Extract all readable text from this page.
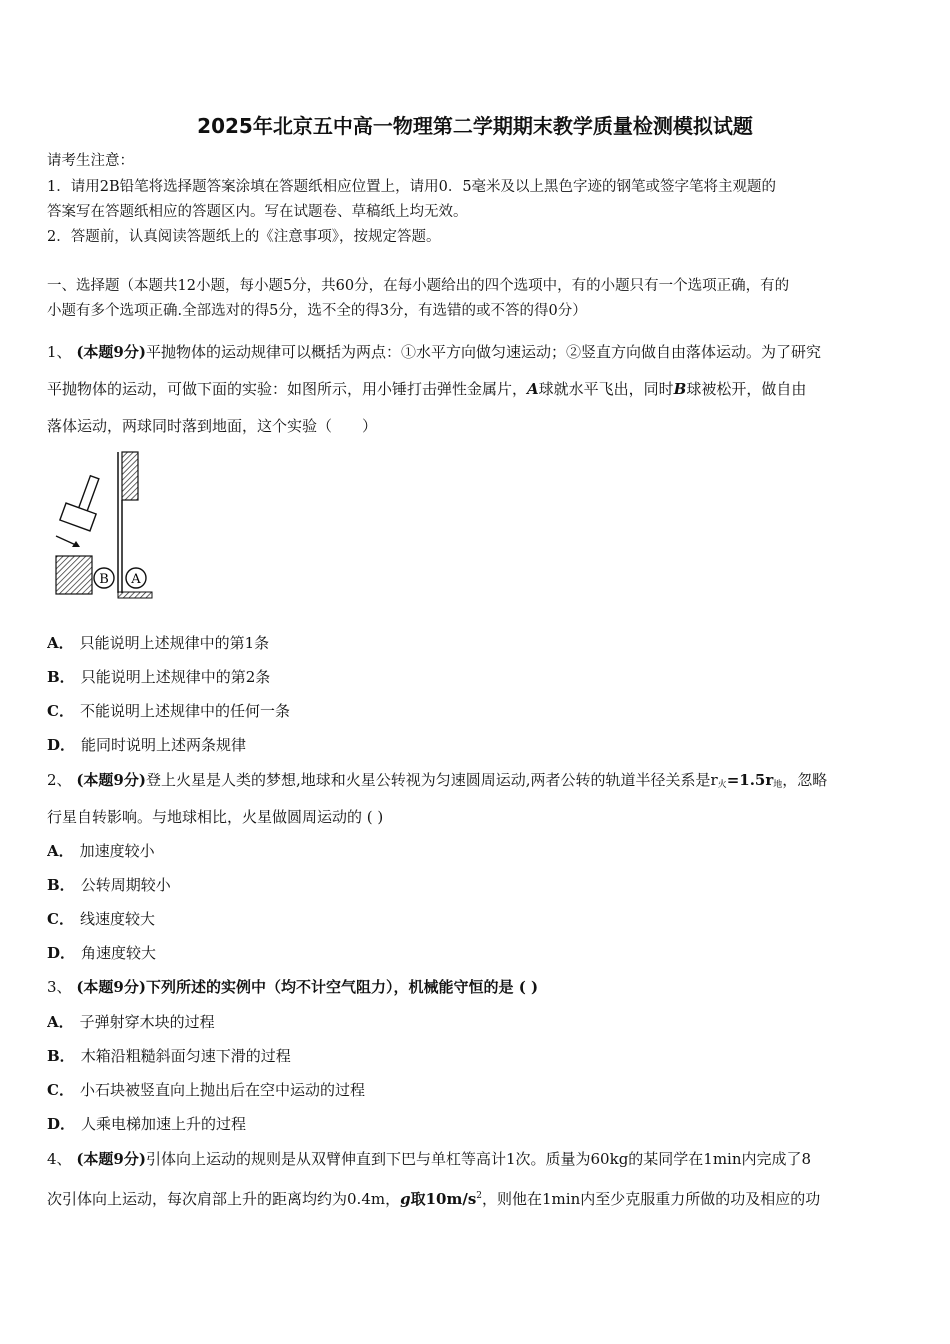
2025年北京五中高一物理第二学期期末教学质量检测模拟试题
请考生注意：
1．请用2B铅笔将选择题答案涂填在答题纸相应位置上，请用0．5毫米及以上黑色字迹的钢笔或签字笔将主观题的
答案写在答题纸相应的答题区内。写在试题卷、草稿纸上均无效。
2．答题前，认真阅读答题纸上的《注意事项》，按规定答题。
一、选择题（本题共12小题，每小题5分，共60分，在每小题给出的四个选项中，有的小题只有一个选项正确，有的
小题有多个选项正确.全部选对的得5分，选不全的得3分，有选错的或不答的得0分）
1、 (本题9分)平抛物体的运动规律可以概括为两点：①水平方向做匀速运动；②竖直方向做自由落体运动。为了研究
平抛物体的运动，可做下面的实验：如图所示，用小锤打击弹性金属片，A球就水平飞出，同时B球被松开，做自由
落体运动，两球同时落到地面，这个实验（　　）
B A
A． 只能说明上述规律中的第1条
B． 只能说明上述规律中的第2条
C． 不能说明上述规律中的任何一条
D． 能同时说明上述两条规律
2、 (本题9分)登上火星是人类的梦想,地球和火星公转视为匀速圆周运动,两者公转的轨道半径关系是$r_火=1.5r_地$，忽略
行星自转影响。与地球相比，火星做圆周运动的 ( )
A． 加速度较小
B． 公转周期较小
C． 线速度较大
D． 角速度较大
3、 (本题9分)下列所述的实例中（均不计空气阻力），机械能守恒的是 ( )
A． 子弹射穿木块的过程
B． 木箱沿粗糙斜面匀速下滑的过程
C． 小石块被竖直向上抛出后在空中运动的过程
D． 人乘电梯加速上升的过程
4、 (本题9分)引体向上运动的规则是从双臂伸直到下巴与单杠等高计1次。质量为60kg的某同学在1min内完成了8
次引体向上运动，每次肩部上升的距离均约为0.4m，g取$10m/s^2$，则他在1min内至少克服重力所做的功及相应的功
